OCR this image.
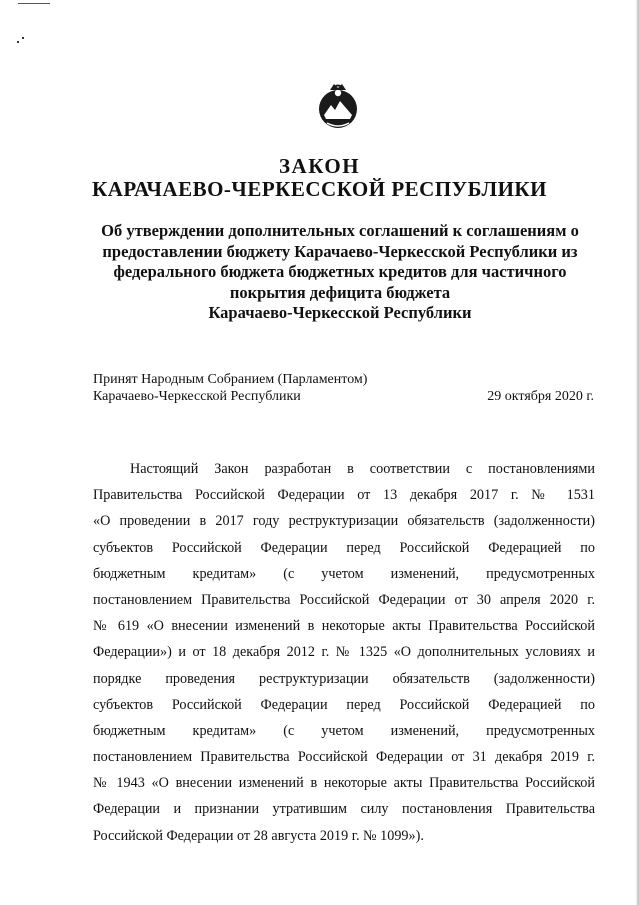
ЗАКОН
КАРАЧАЕВО-ЧЕРКЕССКОЙ РЕСПУБЛИКИ
Об утверждении дополнительных соглашений к соглашениям о
предоставлении бюджету Карачаево-Черкесской Республики из
федерального бюджета бюджетных кредитов для частичного
покрытия дефицита бюджета
Карачаево-Черкесской Республики
Принят Народным Собранием (Парламентом)
Карачаево-Черкесской Республики	29 октября 2020 г.
Настоящий Закон разработан в соответствии с постановлениями
Правительства Российской Федерации от 13 декабря 2017 г. № 1531
«О проведении в 2017 году реструктуризации обязательств (задолженности)
субъектов Российской Федерации перед Российской Федерацией по
бюджетным кредитам» (с учетом изменений, предусмотренных
постановлением Правительства Российской Федерации от 30 апреля 2020 г.
№ 619 «О внесении изменений в некоторые акты Правительства Российской
Федерации») и от 18 декабря 2012 г. № 1325 «О дополнительных условиях и
порядке проведения реструктуризации обязательств (задолженности)
субъектов Российской Федерации перед Российской Федерацией по
бюджетным кредитам» (с учетом изменений, предусмотренных
постановлением Правительства Российской Федерации от 31 декабря 2019 г.
№ 1943 «О внесении изменений в некоторые акты Правительства Российской
Федерации и признании утратившим силу постановления Правительства
Российской Федерации от 28 августа 2019 г. № 1099»).
